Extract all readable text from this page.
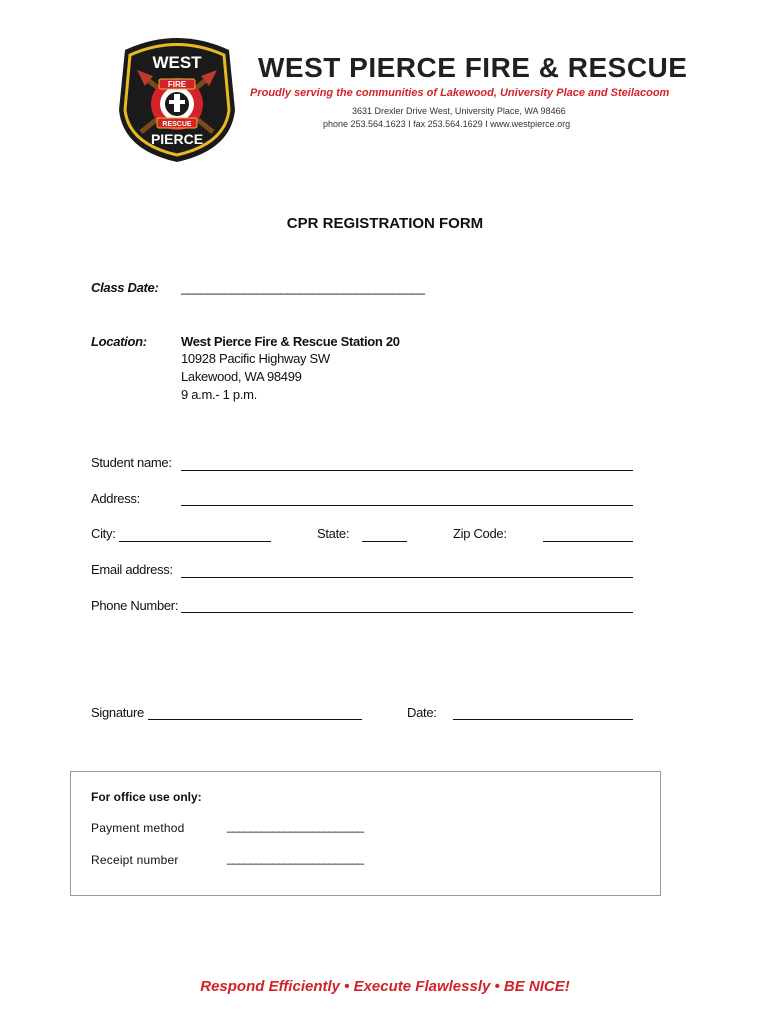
WEST
PIERCE
FIRE
RESCUE
WEST PIERCE FIRE & RESCUE
Proudly serving the communities of Lakewood, University Place and Steilacoom
3631 Drexler Drive West, University Place, WA 98466
phone 253.564.1623 I fax 253.564.1629 I www.westpierce.org
CPR REGISTRATION FORM
Class Date: _______________________________________
Location:	West Pierce Fire & Rescue Station 20
10928 Pacific Highway SW
Lakewood, WA 98499
9 a.m.- 1 p.m.
Student name:
Address:
City:	State:	Zip Code:
Email address:
Phone Number:
Signature	Date:
For office use only:
Payment method	________________________
Receipt number	________________________
Respond Efficiently • Execute Flawlessly • BE NICE!
